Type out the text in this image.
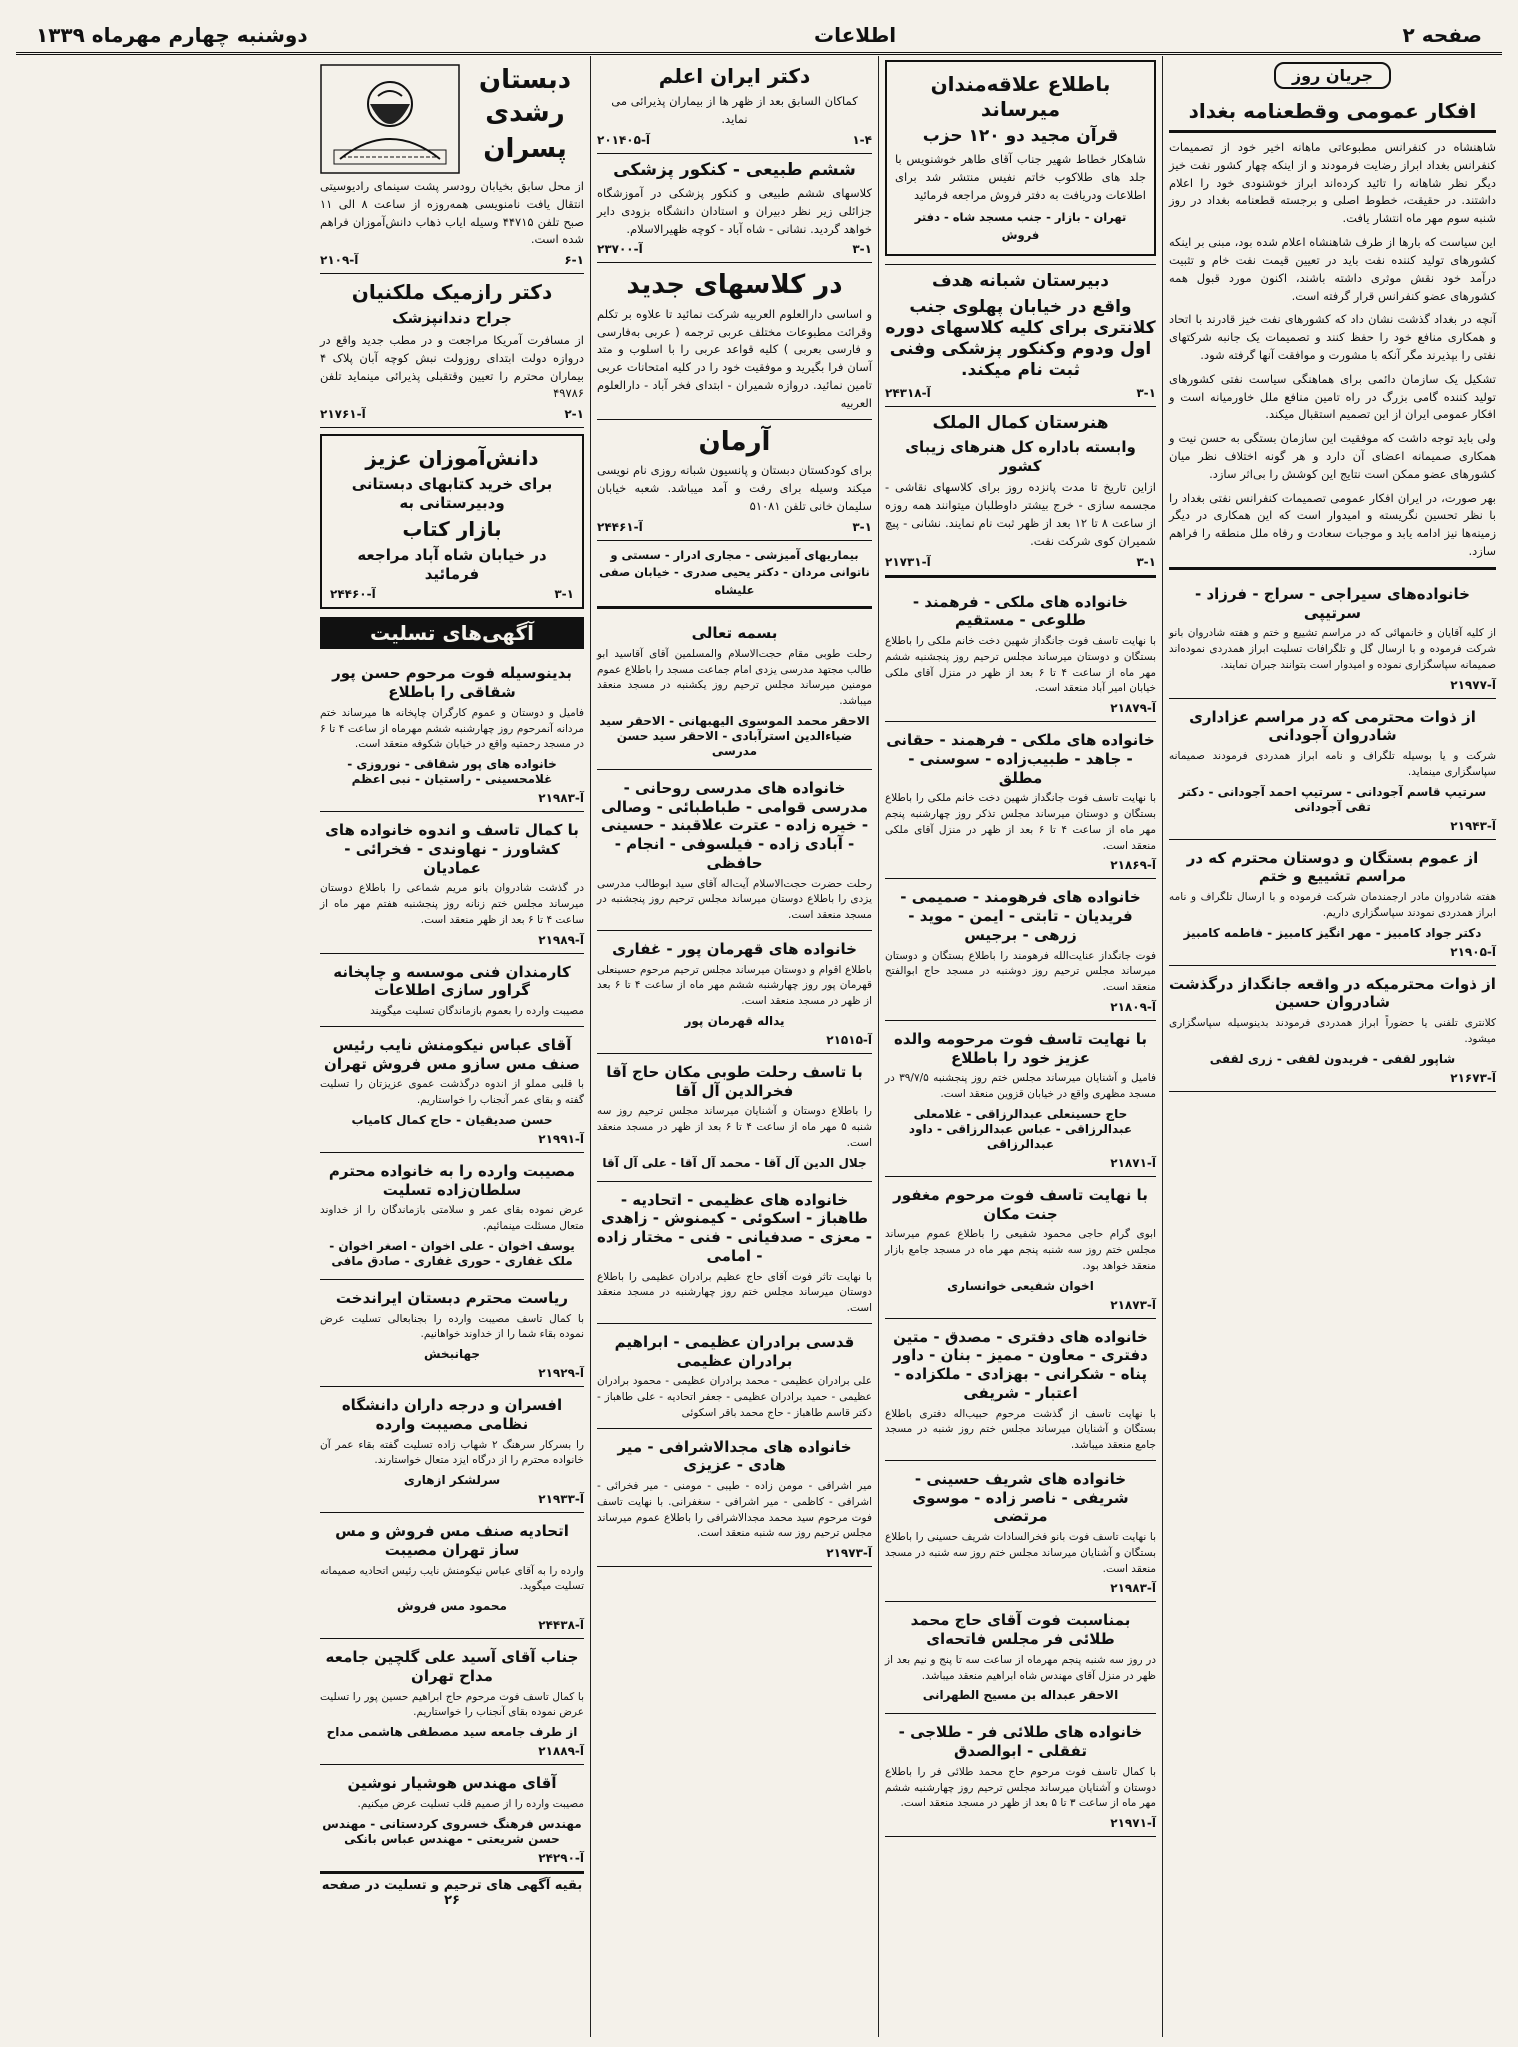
صفحه ۲
اطلاعات
دوشنبه چهارم مهرماه ۱۳۳۹
جریان روز
افکار عمومی وقطعنامه بغداد

شاهنشاه در کنفرانس مطبوعاتی ماهانه اخیر خود از تصمیمات کنفرانس بغداد ابراز رضایت فرمودند و از اینکه چهار کشور نفت خیز دیگر نظر شاهانه را تائید کرده‌اند ابراز خوشنودی خود را اعلام داشتند. در حقیقت، خطوط اصلی و برجسته قطعنامه بغداد در روز شنبه سوم مهر ماه انتشار یافت.

این سیاست که بارها از طرف شاهنشاه اعلام شده بود، مبنی بر اینکه کشورهای تولید کننده نفت باید در تعیین قیمت نفت خام و تثبیت درآمد خود نقش موثری داشته باشند، اکنون مورد قبول همه کشورهای عضو کنفرانس قرار گرفته است.

آنچه در بغداد گذشت نشان داد که کشورهای نفت خیز قادرند با اتحاد و همکاری منافع خود را حفظ کنند و تصمیمات یک جانبه شرکتهای نفتی را بپذیرند مگر آنکه با مشورت و موافقت آنها گرفته شود.

تشکیل یک سازمان دائمی برای هماهنگی سیاست نفتی کشورهای تولید کننده گامی بزرگ در راه تامین منافع ملل خاورمیانه است و افکار عمومی ایران از این تصمیم استقبال میکند.

ولی باید توجه داشت که موفقیت این سازمان بستگی به حسن نیت و همکاری صمیمانه اعضای آن دارد و هر گونه اختلاف نظر میان کشورهای عضو ممکن است نتایج این کوشش را بی‌اثر سازد.

بهر صورت، در ایران افکار عمومی تصمیمات کنفرانس نفتی بغداد را با نظر تحسین نگریسته و امیدوار است که این همکاری در دیگر زمینه‌ها نیز ادامه یابد و موجبات سعادت و رفاه ملل منطقه را فراهم سازد.

خانواده‌های سیراجی - سراج - فرزاد - سرتیپی
از کلیه آقایان و خانمهائی که در مراسم تشییع و ختم و هفته شادروان بانو شرکت فرموده و با ارسال گل و تلگرافات تسلیت ابراز همدردی نموده‌اند صمیمانه سپاسگزاری نموده و امیدوار است بتوانند جبران نمایند.
آ-۲۱۹۷۷
از ذوات محترمی که در مراسم عزاداری شادروان آجودانی
شرکت و یا بوسیله تلگراف و نامه ابراز همدردی فرمودند صمیمانه سپاسگزاری مینماید.
سرتیپ قاسم آجودانی - سرتیپ احمد آجودانی - دکتر تقی آجودانی
آ-۲۱۹۴۳
از عموم بستگان و دوستان محترم که در مراسم تشییع و ختم
هفته شادروان مادر ارجمندمان شرکت فرموده و با ارسال تلگراف و نامه ابراز همدردی نمودند سپاسگزاری داریم.
دکتر جواد کامبیز - مهر انگیز کامبیز - فاطمه کامبیز
آ-۲۱۹۰۵
از ذوات محترمیکه در واقعه جانگداز درگذشت شادروان حسین
کلانتری تلفنی یا حضوراً ابراز همدردی فرمودند بدینوسیله سپاسگزاری میشود.
شاپور لقفی - فریدون لقفی - زری لقفی
آ-۲۱۶۷۳
باطلاع علاقه‌مندان میرساند
قرآن مجید دو ۱۲۰ حزب
شاهکار خطاط شهیر جناب آقای طاهر خوشنویس با جلد های طلاکوب خاتم نفیس منتشر شد برای اطلاعات ودریافت به دفتر فروش مراجعه فرمائید
تهران - بازار - جنب مسجد شاه - دفتر فروش
دبیرستان شبانه هدف
واقع در خیابان پهلوی جنب کلانتری برای کلیه کلاسهای دوره اول ودوم وکنکور پزشکی وفنی ثبت نام میکند.
۳-۱
آ-۲۴۳۱۸
هنرستان کمال الملک
وابسته باداره کل هنرهای زیبای کشور
ازاین تاریخ تا مدت پانزده روز برای کلاسهای نقاشی - مجسمه سازی - خرج بیشتر داوطلبان میتوانند همه روزه از ساعت ۸ تا ۱۲ بعد از ظهر ثبت نام نمایند. نشانی - پیچ شمیران کوی شرکت نفت.
۳-۱
آ-۲۱۷۳۱
خانواده های ملکی - فرهمند - طلوعی - مستقیم
با نهایت تاسف فوت جانگداز شهین دخت خانم ملکی را باطلاع بستگان و دوستان میرساند مجلس ترحیم روز پنجشنبه ششم مهر ماه از ساعت ۴ تا ۶ بعد از ظهر در منزل آقای ملکی خیابان امیر آباد منعقد است.
آ-۲۱۸۷۹
خانواده های ملکی - فرهمند - حقانی - جاهد - طبیب‌زاده - سوسنی - مطلق
با نهایت تاسف فوت جانگداز شهین دخت خانم ملکی را باطلاع بستگان و دوستان میرساند مجلس تذکر روز چهارشنبه پنجم مهر ماه از ساعت ۴ تا ۶ بعد از ظهر در منزل آقای ملکی منعقد است.
آ-۲۱۸۶۹
خانواده های فرهومند - صمیمی - فریدیان - تابتی - ایمن - موید - زرهی - برجیس
فوت جانگداز عنایت‌الله فرهومند را باطلاع بستگان و دوستان میرساند مجلس ترحیم روز دوشنبه در مسجد حاج ابوالفتح منعقد است.
آ-۲۱۸۰۹
با نهایت تاسف فوت مرحومه والده عزیز خود را باطلاع
فامیل و آشنایان میرساند مجلس ختم روز پنجشنبه ۳۹/۷/۵ در مسجد مظهری واقع در خیابان قزوین منعقد است.
حاج حسینعلی عبدالرزاقی - غلامعلی عبدالرزاقی - عباس عبدالرزاقی - داود عبدالرزاقی
آ-۲۱۸۷۱
با نهایت تاسف فوت مرحوم مغفور جنت مکان
ابوی گرام حاجی محمود شفیعی را باطلاع عموم میرساند مجلس ختم روز سه شنبه پنجم مهر ماه در مسجد جامع بازار منعقد خواهد بود.
اخوان شفیعی خوانساری
آ-۲۱۸۷۳
خانواده های دفتری - مصدق - متین دفتری - معاون - ممیز - بنان - داور پناه - شکرانی - بهزادی - ملکزاده - اعتبار - شریفی
با نهایت تاسف از گذشت مرحوم حبیب‌اله دفتری باطلاع بستگان و آشنایان میرساند مجلس ختم روز شنبه در مسجد جامع منعقد میباشد.
خانواده های شریف حسینی - شریفی - ناصر زاده - موسوی مرتضی
با نهایت تاسف فوت بانو فخرالسادات شریف حسینی را باطلاع بستگان و آشنایان میرساند مجلس ختم روز سه شنبه در مسجد منعقد است.
آ-۲۱۹۸۳
بمناسبت فوت آقای حاج محمد طلائی فر مجلس فاتحه‌ای
در روز سه شنبه پنجم مهرماه از ساعت سه تا پنج و نیم بعد از ظهر در منزل آقای مهندس شاه ابراهیم منعقد میباشد.
الاحقر عبداله بن مسیح الطهرانی
خانواده های طلائی فر - طلاجی - تفقلی - ابوالصدق
با کمال تاسف فوت مرحوم حاج محمد طلائی فر را باطلاع دوستان و آشنایان میرساند مجلس ترحیم روز چهارشنبه ششم مهر ماه از ساعت ۳ تا ۵ بعد از ظهر در مسجد منعقد است.
آ-۲۱۹۷۱
دکتر ایران اعلم
کماکان السابق بعد از ظهر ها از بیماران پذیرائی می نماید.
۱-۴
آ-۲۰۱۴۰۵
ششم طبیعی - کنکور پزشکی
کلاسهای ششم طبیعی و کنکور پزشکی در آموزشگاه جزائلی زیر نظر دبیران و استادان دانشگاه بزودی دایر خواهد گردید. نشانی - شاه آباد - کوچه ظهیرالاسلام.
۳-۱
آ-۲۳۷۰۰
در کلاسهای جدید
و اساسی دارالعلوم العربیه شرکت نمائید تا علاوه بر تکلم وقرائت مطبوعات مختلف عربی ترجمه ( عربی به‌فارسی و فارسی بعربی ) کلیه قواعد عربی را با اسلوب و متد آسان فرا بگیرید و موفقیت خود را در کلیه امتحانات عربی تامین نمائید. دروازه شمیران - ابتدای فخر آباد - دارالعلوم العربیه
آرمان
برای کودکستان دبستان و پانسیون شبانه روزی نام نویسی میکند وسیله برای رفت و آمد میباشد. شعبه خیابان سلیمان خانی تلفن ۵۱۰۸۱
۳-۱
آ-۲۴۴۶۱
بیماریهای آمیزشی - مجاری ادرار - سستی و ناتوانی مردان - دکتر یحیی صدری - خیابان صفی علیشاه
بسمه تعالی
رحلت طوبی مقام حجت‌الاسلام والمسلمین آقای آقاسید ابو طالب مجتهد مدرسی یزدی امام جماعت مسجد را باطلاع عموم مومنین میرساند مجلس ترحیم روز یکشنبه در مسجد منعقد میباشد.
الاحقر محمد الموسوی الیهبهانی - الاحقر سید ضیاءالدین استرآبادی - الاحقر سید حسن مدرسی
خانواده های مدرسی روحانی - مدرسی قوامی - طباطبائی - وصالی - خیره زاده - عترت علاقبند - حسینی - آبادی زاده - فیلسوفی - انجام - حافظی
رحلت حضرت حجت‌الاسلام آیت‌اله آقای سید ابوطالب مدرسی یزدی را باطلاع دوستان میرساند مجلس ترحیم روز پنجشنبه در مسجد منعقد است.
خانواده های قهرمان پور - غفاری
باطلاع اقوام و دوستان میرساند مجلس ترحیم مرحوم حسینعلی قهرمان پور روز چهارشنبه ششم مهر ماه از ساعت ۴ تا ۶ بعد از ظهر در مسجد منعقد است.
یداله قهرمان پور
آ-۲۱۵۱۵
با تاسف رحلت طوبی مکان حاج آقا فخرالدین آل آقا
را باطلاع دوستان و آشنایان میرساند مجلس ترحیم روز سه شنبه ۵ مهر ماه از ساعت ۴ تا ۶ بعد از ظهر در مسجد منعقد است.
جلال الدین آل آقا - محمد آل آقا - علی آل آقا
خانواده های عظیمی - اتحادیه - طاهباز - اسکوئی - کیمنوش - زاهدی - معزی - صدفیانی - فنی - مختار زاده - امامی
با نهایت تاثر فوت آقای حاج عظیم برادران عظیمی را باطلاع دوستان میرساند مجلس ختم روز چهارشنبه در مسجد منعقد است.
قدسی برادران عظیمی - ابراهیم برادران عظیمی
علی برادران عظیمی - محمد برادران عظیمی - محمود برادران عظیمی - حمید برادران عظیمی - جعفر اتحادیه - علی طاهباز - دکتر قاسم طاهباز - حاج محمد باقر اسکوئی
خانواده های مجدالاشرافی - میر هادی - عزیزی
میر اشرافی - مومن زاده - طیبی - مومنی - میر فخرائی - اشرافی - کاظمی - میر اشرافی - سغفرانی. با نهایت تاسف فوت مرحوم سید محمد مجدالاشرافی را باطلاع عموم میرساند مجلس ترحیم روز سه شنبه منعقد است.
آ-۲۱۹۷۳
دبستان رشدی
پسران
از محل سابق بخیابان رودسر پشت سینمای رادیوسیتی انتقال یافت نامنویسی همه‌روزه از ساعت ۸ الی ۱۱ صبح تلفن ۴۴۷۱۵ وسیله ایاب ذهاب دانش‌آموزان فراهم شده است.
۶-۱
آ-۲۱۰۹
دکتر رازمیک ملکنیان
جراح دندانپزشک
از مسافرت آمریکا مراجعت و در مطب جدید واقع در دروازه دولت ابتدای روزولت نبش کوچه آبان پلاک ۴ بیماران محترم را تعیین وقتقبلی پذیرائی مینماید تلفن ۴۹۷۸۶
۲-۱
آ-۲۱۷۶۱
دانش‌آموزان عزیز
برای خرید کتابهای دبستانی ودبیرستانی به
بازار کتاب
در خیابان شاه آباد مراجعه فرمائید
۳-۱
آ-۲۴۴۶۰
آگهی‌های تسلیت
بدینوسیله فوت مرحوم حسن پور شقاقی را باطلاع
فامیل و دوستان و عموم کارگران چاپخانه ها میرساند ختم مردانه آنمرحوم روز چهارشنبه ششم مهرماه از ساعت ۴ تا ۶ در مسجد رحمتیه واقع در خیابان شکوفه منعقد است.
خانواده های پور شقاقی - نوروزی - غلامحسینی - راستیان - نبی اعظم
آ-۲۱۹۸۳
با کمال تاسف و اندوه خانواده های کشاورز - نهاوندی - فخرائی - عمادیان
در گذشت شادروان بانو مریم شماعی را باطلاع دوستان میرساند مجلس ختم زنانه روز پنجشنبه هفتم مهر ماه از ساعت ۴ تا ۶ بعد از ظهر منعقد است.
آ-۲۱۹۸۹
کارمندان فنی موسسه و چاپخانه گراور سازی اطلاعات
مصیبت وارده را بعموم بازماندگان تسلیت میگویند
آقای عباس نیکومنش نایب رئیس صنف مس سازو مس فروش تهران
با قلبی مملو از اندوه درگذشت عموی عزیزتان را تسلیت گفته و بقای عمر آنجناب را خواستاریم.
حسن صدیقیان - حاج کمال کامیاب
آ-۲۱۹۹۱
مصیبت وارده را به خانواده محترم سلطان‌زاده تسلیت
عرض نموده بقای عمر و سلامتی بازماندگان را از خداوند متعال مسئلت مینمائیم.
یوسف اخوان - علی اخوان - اصغر اخوان - ملک غفاری - حوری غفاری - صادق مافی
ریاست محترم دبستان ایراندخت
با کمال تاسف مصیبت وارده را بجنابعالی تسلیت عرض نموده بقاء شما را از خداوند خواهانیم.
جهانبخش
آ-۲۱۹۲۹
افسران و درجه داران دانشگاه نظامی مصیبت وارده
را بسرکار سرهنگ ۲ شهاب زاده تسلیت گفته بقاء عمر آن خانواده محترم را از درگاه ایزد متعال خواستارند.
سرلشکر ازهاری
آ-۲۱۹۳۳
اتحادیه صنف مس فروش و مس ساز تهران مصیبت
وارده را به آقای عباس نیکومنش نایب رئیس اتحادیه صمیمانه تسلیت میگوید.
محمود مس فروش
آ-۲۴۴۳۸
جناب آقای آسید علی گلچین جامعه مداح تهران
با کمال تاسف فوت مرحوم حاج ابراهیم حسین پور را تسلیت عرض نموده بقای آنجناب را خواستاریم.
از طرف جامعه سید مصطفی هاشمی مداح
آ-۲۱۸۸۹
آقای مهندس هوشیار نوشین
مصیبت وارده را از صمیم قلب تسلیت عرض میکنیم.
مهندس فرهنگ خسروی کردستانی - مهندس حسن شریعتی - مهندس عباس بانکی
آ-۲۴۲۹۰
بقیه آگهی های ترحیم و تسلیت در صفحه ۲۶
